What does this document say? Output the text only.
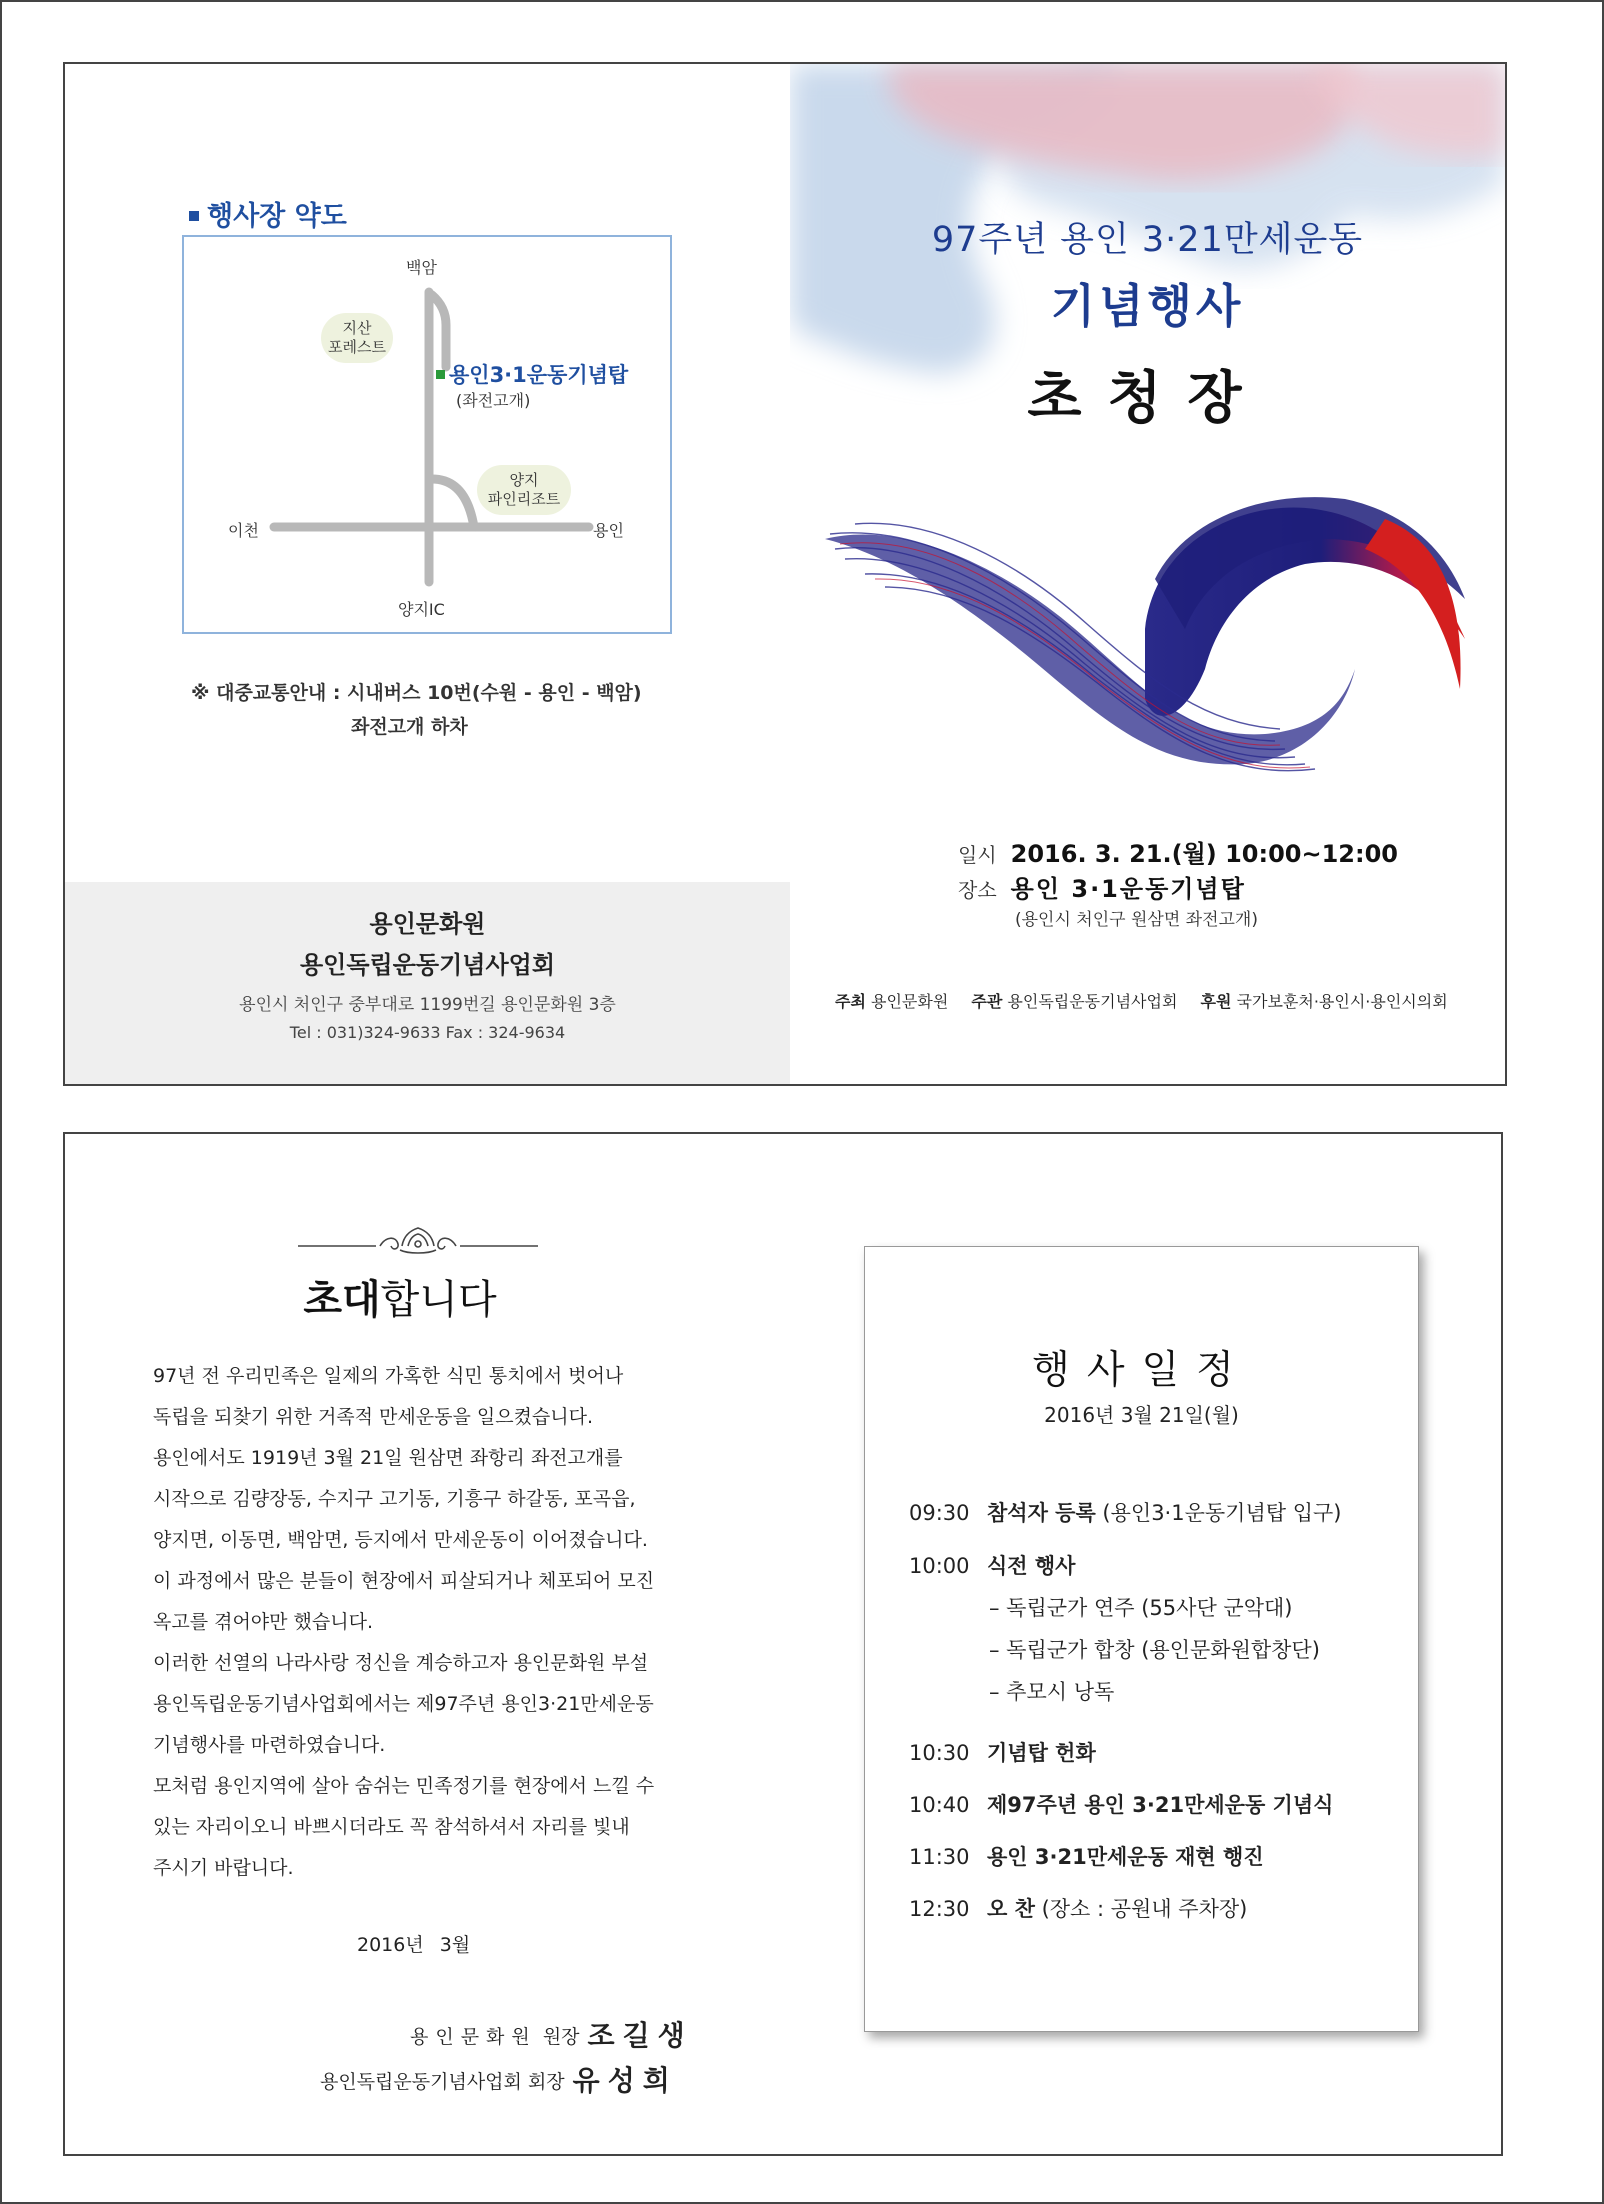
행사장 약도
백암
양지IC
이천	용인
지산
포레스트
양지
파인리조트
용인3·1운동기념탑
(좌전고개)
※ 대중교통안내 : 시내버스 10번(수원 - 용인 - 백암)
좌전고개 하차
용인문화원
용인독립운동기념사업회
용인시 처인구 중부대로 1199번길 용인문화원 3층
Tel : 031)324-9633 Fax : 324-9634
97주년 용인 3·21만세운동
기념행사
초청장
일시 2016. 3. 21.(월) 10:00~12:00
장소 용인 3·1운동기념탑
(용인시 처인구 원삼면 좌전고개)
주최 용인문화원 주관 용인독립운동기념사업회 후원 국가보훈처·용인시·용인시의회
초대합니다

97년 전 우리민족은 일제의 가혹한 식민 통치에서 벗어나

독립을 되찾기 위한 거족적 만세운동을 일으켰습니다.

용인에서도 1919년 3월 21일 원삼면 좌항리 좌전고개를

시작으로 김량장동, 수지구 고기동, 기흥구 하갈동, 포곡읍,

양지면, 이동면, 백암면, 등지에서 만세운동이 이어졌습니다.

이 과정에서 많은 분들이 현장에서 피살되거나 체포되어 모진

옥고를 겪어야만 했습니다.

이러한 선열의 나라사랑 정신을 계승하고자 용인문화원 부설

용인독립운동기념사업회에서는 제97주년 용인3·21만세운동

기념행사를 마련하였습니다.

모처럼 용인지역에 살아 숨쉬는 민족정기를 현장에서 느낄 수

있는 자리이오니 바쁘시더라도 꼭 참석하셔서 자리를 빛내

주시기 바랍니다.

2016년 3월
용인문화원 원장 조길생
용인독립운동기념사업회 회장 유성희
행사일정
2016년 3월 21일(월)
09:30 참석자 등록 (용인3·1운동기념탑 입구)
10:00 식전 행사
– 독립군가 연주 (55사단 군악대)
– 독립군가 합창 (용인문화원합창단)
– 추모시 낭독
10:30 기념탑 헌화
10:40 제97주년 용인 3·21만세운동 기념식
11:30 용인 3·21만세운동 재현 행진
12:30 오 찬 (장소 : 공원내 주차장)
